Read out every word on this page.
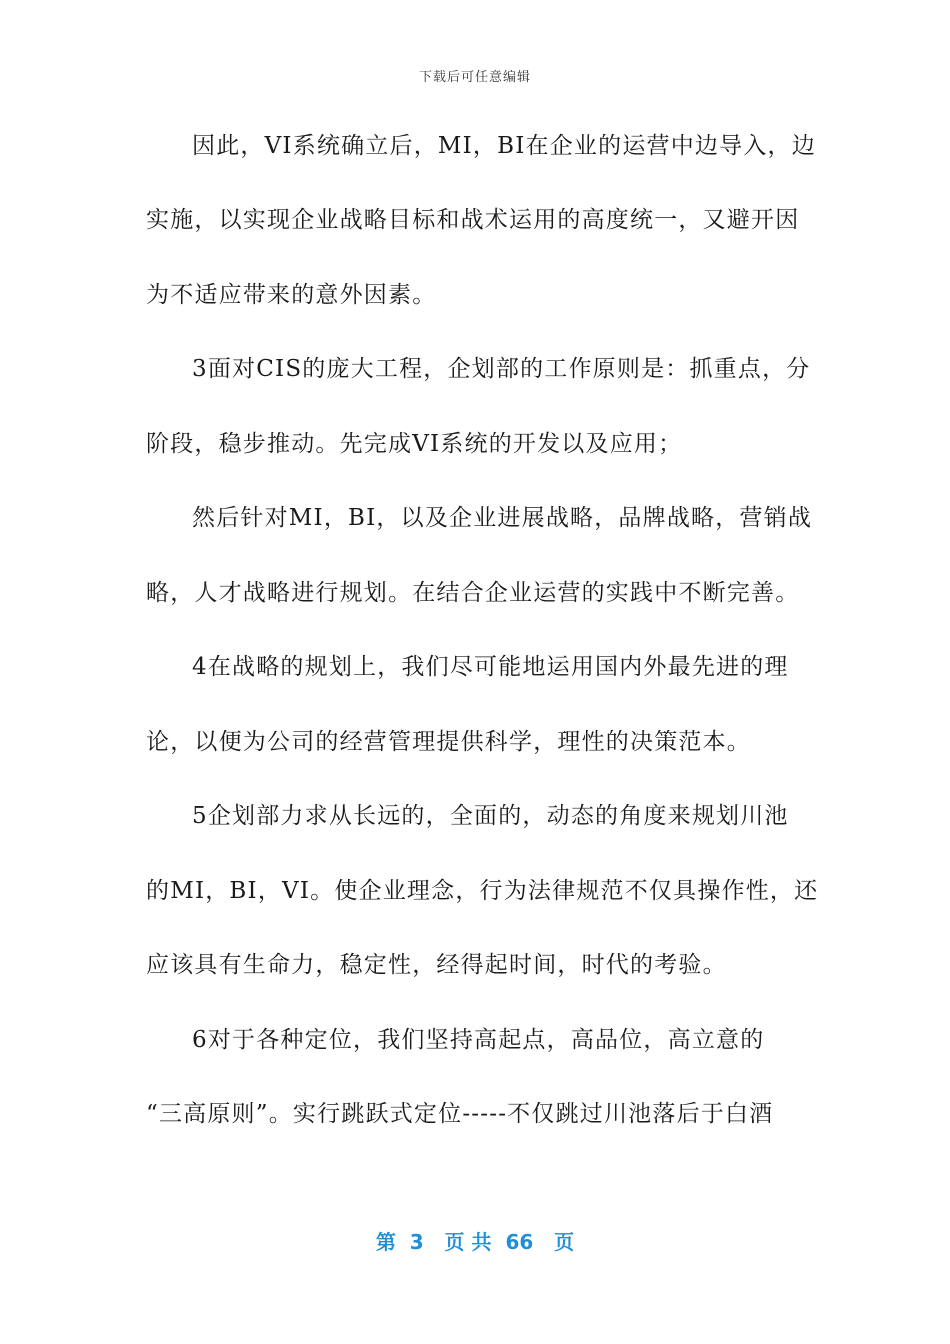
下载后可任意编辑
因此，VI系统确立后，MI，BI在企业的运营中边导入，边
实施，以实现企业战略目标和战术运用的高度统一，又避开因
为不适应带来的意外因素。
3面对CIS的庞大工程，企划部的工作原则是：抓重点，分
阶段，稳步推动。先完成VI系统的开发以及应用；
然后针对MI，BI，以及企业进展战略，品牌战略，营销战
略，人才战略进行规划。在结合企业运营的实践中不断完善。
4在战略的规划上，我们尽可能地运用国内外最先进的理
论，以便为公司的经营管理提供科学，理性的决策范本。
5企划部力求从长远的，全面的，动态的角度来规划川池
的MI，BI，VI。使企业理念，行为法律规范不仅具操作性，还
应该具有生命力，稳定性，经得起时间，时代的考验。
6对于各种定位，我们坚持高起点，高品位，高立意的
“三高原则”。实行跳跃式定位-----不仅跳过川池落后于白酒
第  3   页 共  66   页
